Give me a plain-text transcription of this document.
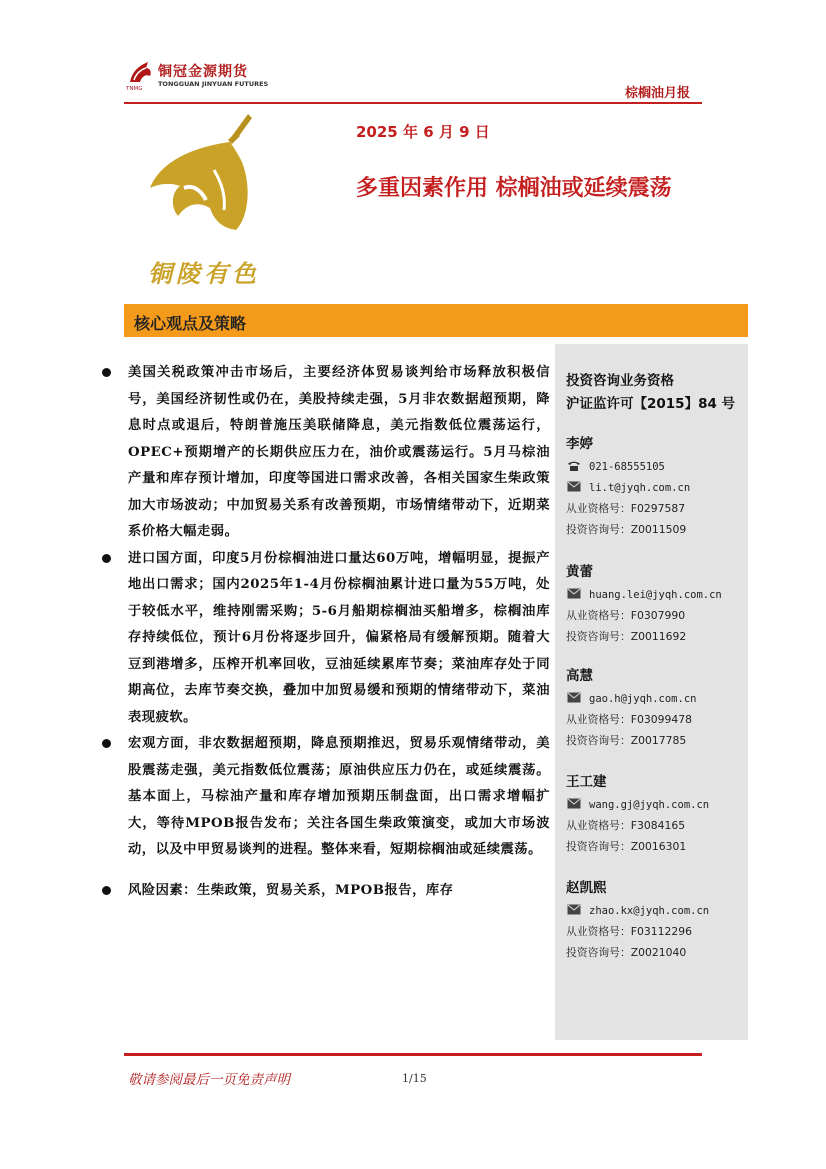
TNMG
铜冠金源期货
TONGGUAN JINYUAN FUTURES
棕榈油月报
铜陵有色
2025 年 6 月 9 日
多重因素作用 棕榈油或延续震荡
核心观点及策略
美国关税政策冲击市场后，主要经济体贸易谈判给市场释放积极信号，美国经济韧性或仍在，美股持续走强，5月非农数据超预期，降息时点或退后，特朗普施压美联储降息，美元指数低位震荡运行，OPEC+预期增产的长期供应压力在，油价或震荡运行。5月马棕油产量和库存预计增加，印度等国进口需求改善，各相关国家生柴政策加大市场波动；中加贸易关系有改善预期，市场情绪带动下，近期菜系价格大幅走弱。
进口国方面，印度5月份棕榈油进口量达60万吨，增幅明显，提振产地出口需求；国内2025年1-4月份棕榈油累计进口量为55万吨，处于较低水平，维持刚需采购；5-6月船期棕榈油买船增多，棕榈油库存持续低位，预计6月份将逐步回升，偏紧格局有缓解预期。随着大豆到港增多，压榨开机率回收，豆油延续累库节奏；菜油库存处于同期高位，去库节奏交换，叠加中加贸易缓和预期的情绪带动下，菜油表现疲软。
宏观方面，非农数据超预期，降息预期推迟，贸易乐观情绪带动，美股震荡走强，美元指数低位震荡；原油供应压力仍在，或延续震荡。基本面上，马棕油产量和库存增加预期压制盘面，出口需求增幅扩大，等待MPOB报告发布；关注各国生柴政策演变，或加大市场波动，以及中甲贸易谈判的进程。整体来看，短期棕榈油或延续震荡。
风险因素：生柴政策，贸易关系，MPOB报告，库存
投资咨询业务资格
沪证监许可【2015】84 号
李婷
021-68555105
li.t@jyqh.com.cn
从业资格号：F0297587
投资咨询号：Z0011509
黄蕾
huang.lei@jyqh.com.cn
从业资格号：F0307990
投资咨询号：Z0011692
高慧
gao.h@jyqh.com.cn
从业资格号：F03099478
投资咨询号：Z0017785
王工建
wang.gj@jyqh.com.cn
从业资格号：F3084165
投资咨询号：Z0016301
赵凯熙
zhao.kx@jyqh.com.cn
从业资格号：F03112296
投资咨询号：Z0021040
敬请参阅最后一页免责声明	1/15
